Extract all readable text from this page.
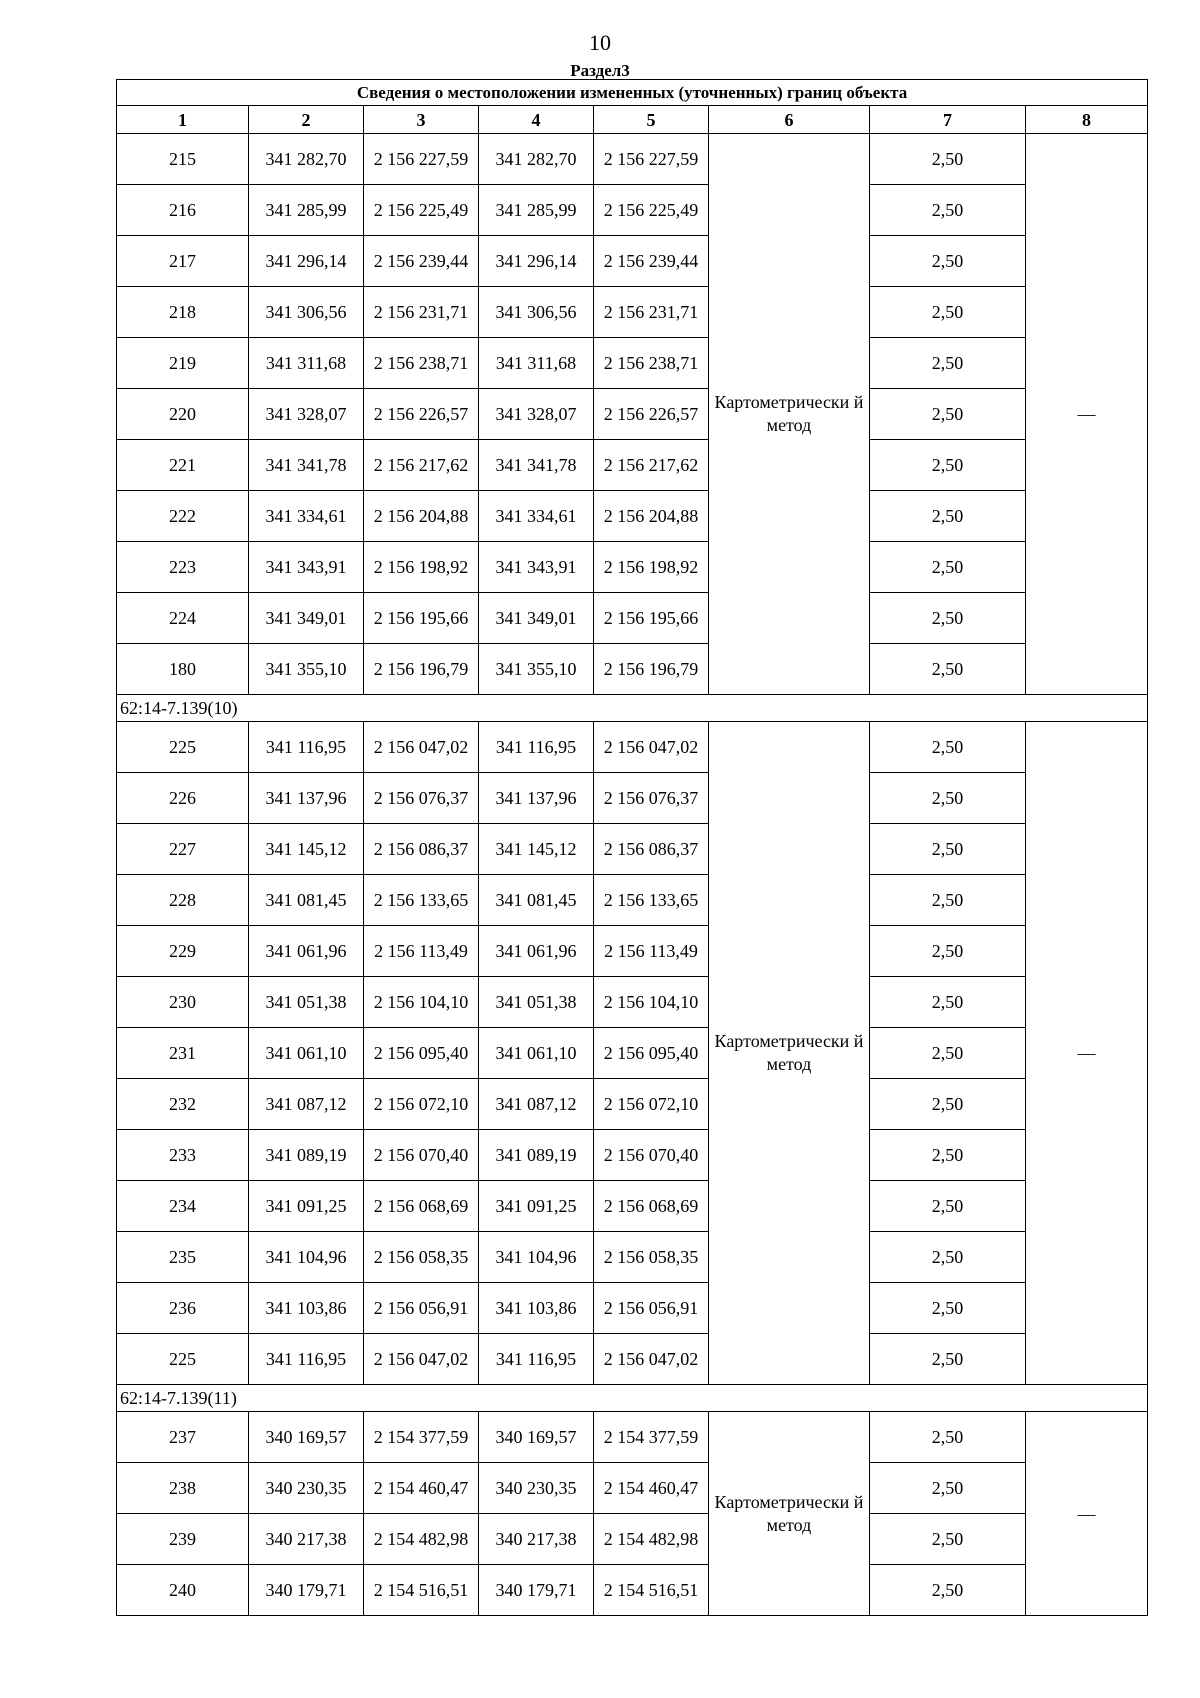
10
Раздел3
Сведения о местоположении измененных (уточненных) границ объекта							
1	2	3	4	5	6	7	8
215	341 282,70	2 156 227,59	341 282,70	2 156 227,59	Картометрически й метод	2,50	—
216	341 285,99	2 156 225,49	341 285,99	2 156 225,49		2,50	
217	341 296,14	2 156 239,44	341 296,14	2 156 239,44		2,50	
218	341 306,56	2 156 231,71	341 306,56	2 156 231,71		2,50	
219	341 311,68	2 156 238,71	341 311,68	2 156 238,71		2,50	
220	341 328,07	2 156 226,57	341 328,07	2 156 226,57		2,50	
221	341 341,78	2 156 217,62	341 341,78	2 156 217,62		2,50	
222	341 334,61	2 156 204,88	341 334,61	2 156 204,88		2,50	
223	341 343,91	2 156 198,92	341 343,91	2 156 198,92		2,50	
224	341 349,01	2 156 195,66	341 349,01	2 156 195,66		2,50	
180	341 355,10	2 156 196,79	341 355,10	2 156 196,79		2,50	
62:14-7.139(10)							
225	341 116,95	2 156 047,02	341 116,95	2 156 047,02	Картометрически й метод	2,50	—
226	341 137,96	2 156 076,37	341 137,96	2 156 076,37		2,50	
227	341 145,12	2 156 086,37	341 145,12	2 156 086,37		2,50	
228	341 081,45	2 156 133,65	341 081,45	2 156 133,65		2,50	
229	341 061,96	2 156 113,49	341 061,96	2 156 113,49		2,50	
230	341 051,38	2 156 104,10	341 051,38	2 156 104,10		2,50	
231	341 061,10	2 156 095,40	341 061,10	2 156 095,40		2,50	
232	341 087,12	2 156 072,10	341 087,12	2 156 072,10		2,50	
233	341 089,19	2 156 070,40	341 089,19	2 156 070,40		2,50	
234	341 091,25	2 156 068,69	341 091,25	2 156 068,69		2,50	
235	341 104,96	2 156 058,35	341 104,96	2 156 058,35		2,50	
236	341 103,86	2 156 056,91	341 103,86	2 156 056,91		2,50	
225	341 116,95	2 156 047,02	341 116,95	2 156 047,02		2,50	
62:14-7.139(11)							
237	340 169,57	2 154 377,59	340 169,57	2 154 377,59	Картометрически й метод	2,50	—
238	340 230,35	2 154 460,47	340 230,35	2 154 460,47		2,50	
239	340 217,38	2 154 482,98	340 217,38	2 154 482,98		2,50	
240	340 179,71	2 154 516,51	340 179,71	2 154 516,51		2,50	
